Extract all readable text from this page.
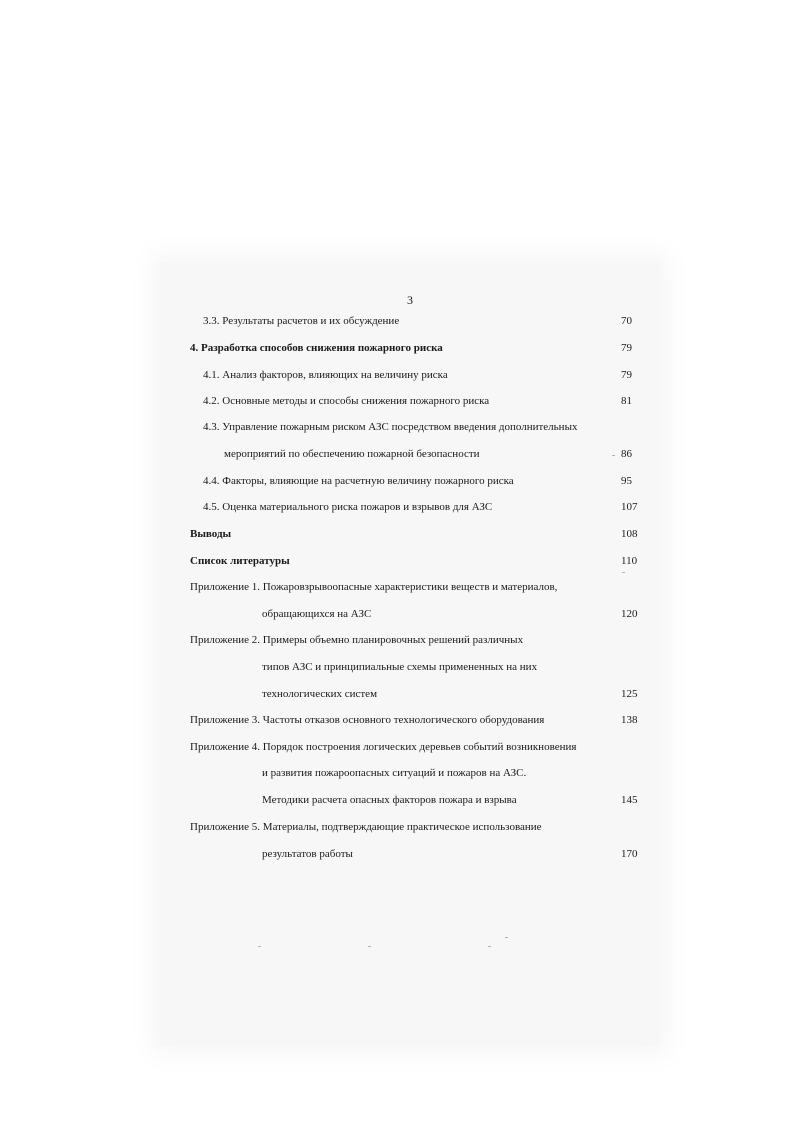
3
3.3. Результаты расчетов и их обсуждение	70
4. Разработка способов снижения пожарного риска	79
4.1. Анализ факторов, влияющих на величину риска	79
4.2. Основные методы и способы снижения пожарного риска	81
4.3. Управление пожарным риском АЗС посредством введения дополнительных
мероприятий по обеспечению пожарной безопасности	86
4.4. Факторы, влияющие на расчетную величину пожарного риска	95
4.5. Оценка материального риска пожаров и взрывов для АЗС	107
Выводы	108
Список литературы	110
Приложение 1. Пожаровзрывоопасные характеристики веществ и материалов,
обращающихся на АЗС	120
Приложение 2. Примеры объемно планировочных решений различных
типов АЗС и принципиальные схемы примененных на них
технологических систем	125
Приложение 3. Частоты отказов основного технологического оборудования	138
Приложение 4. Порядок построения логических деревьев событий возникновения
и развития пожароопасных ситуаций и пожаров на АЗС.
Методики расчета опасных факторов пожара и взрыва	145
Приложение 5. Материалы, подтверждающие практическое использование
результатов работы	170
